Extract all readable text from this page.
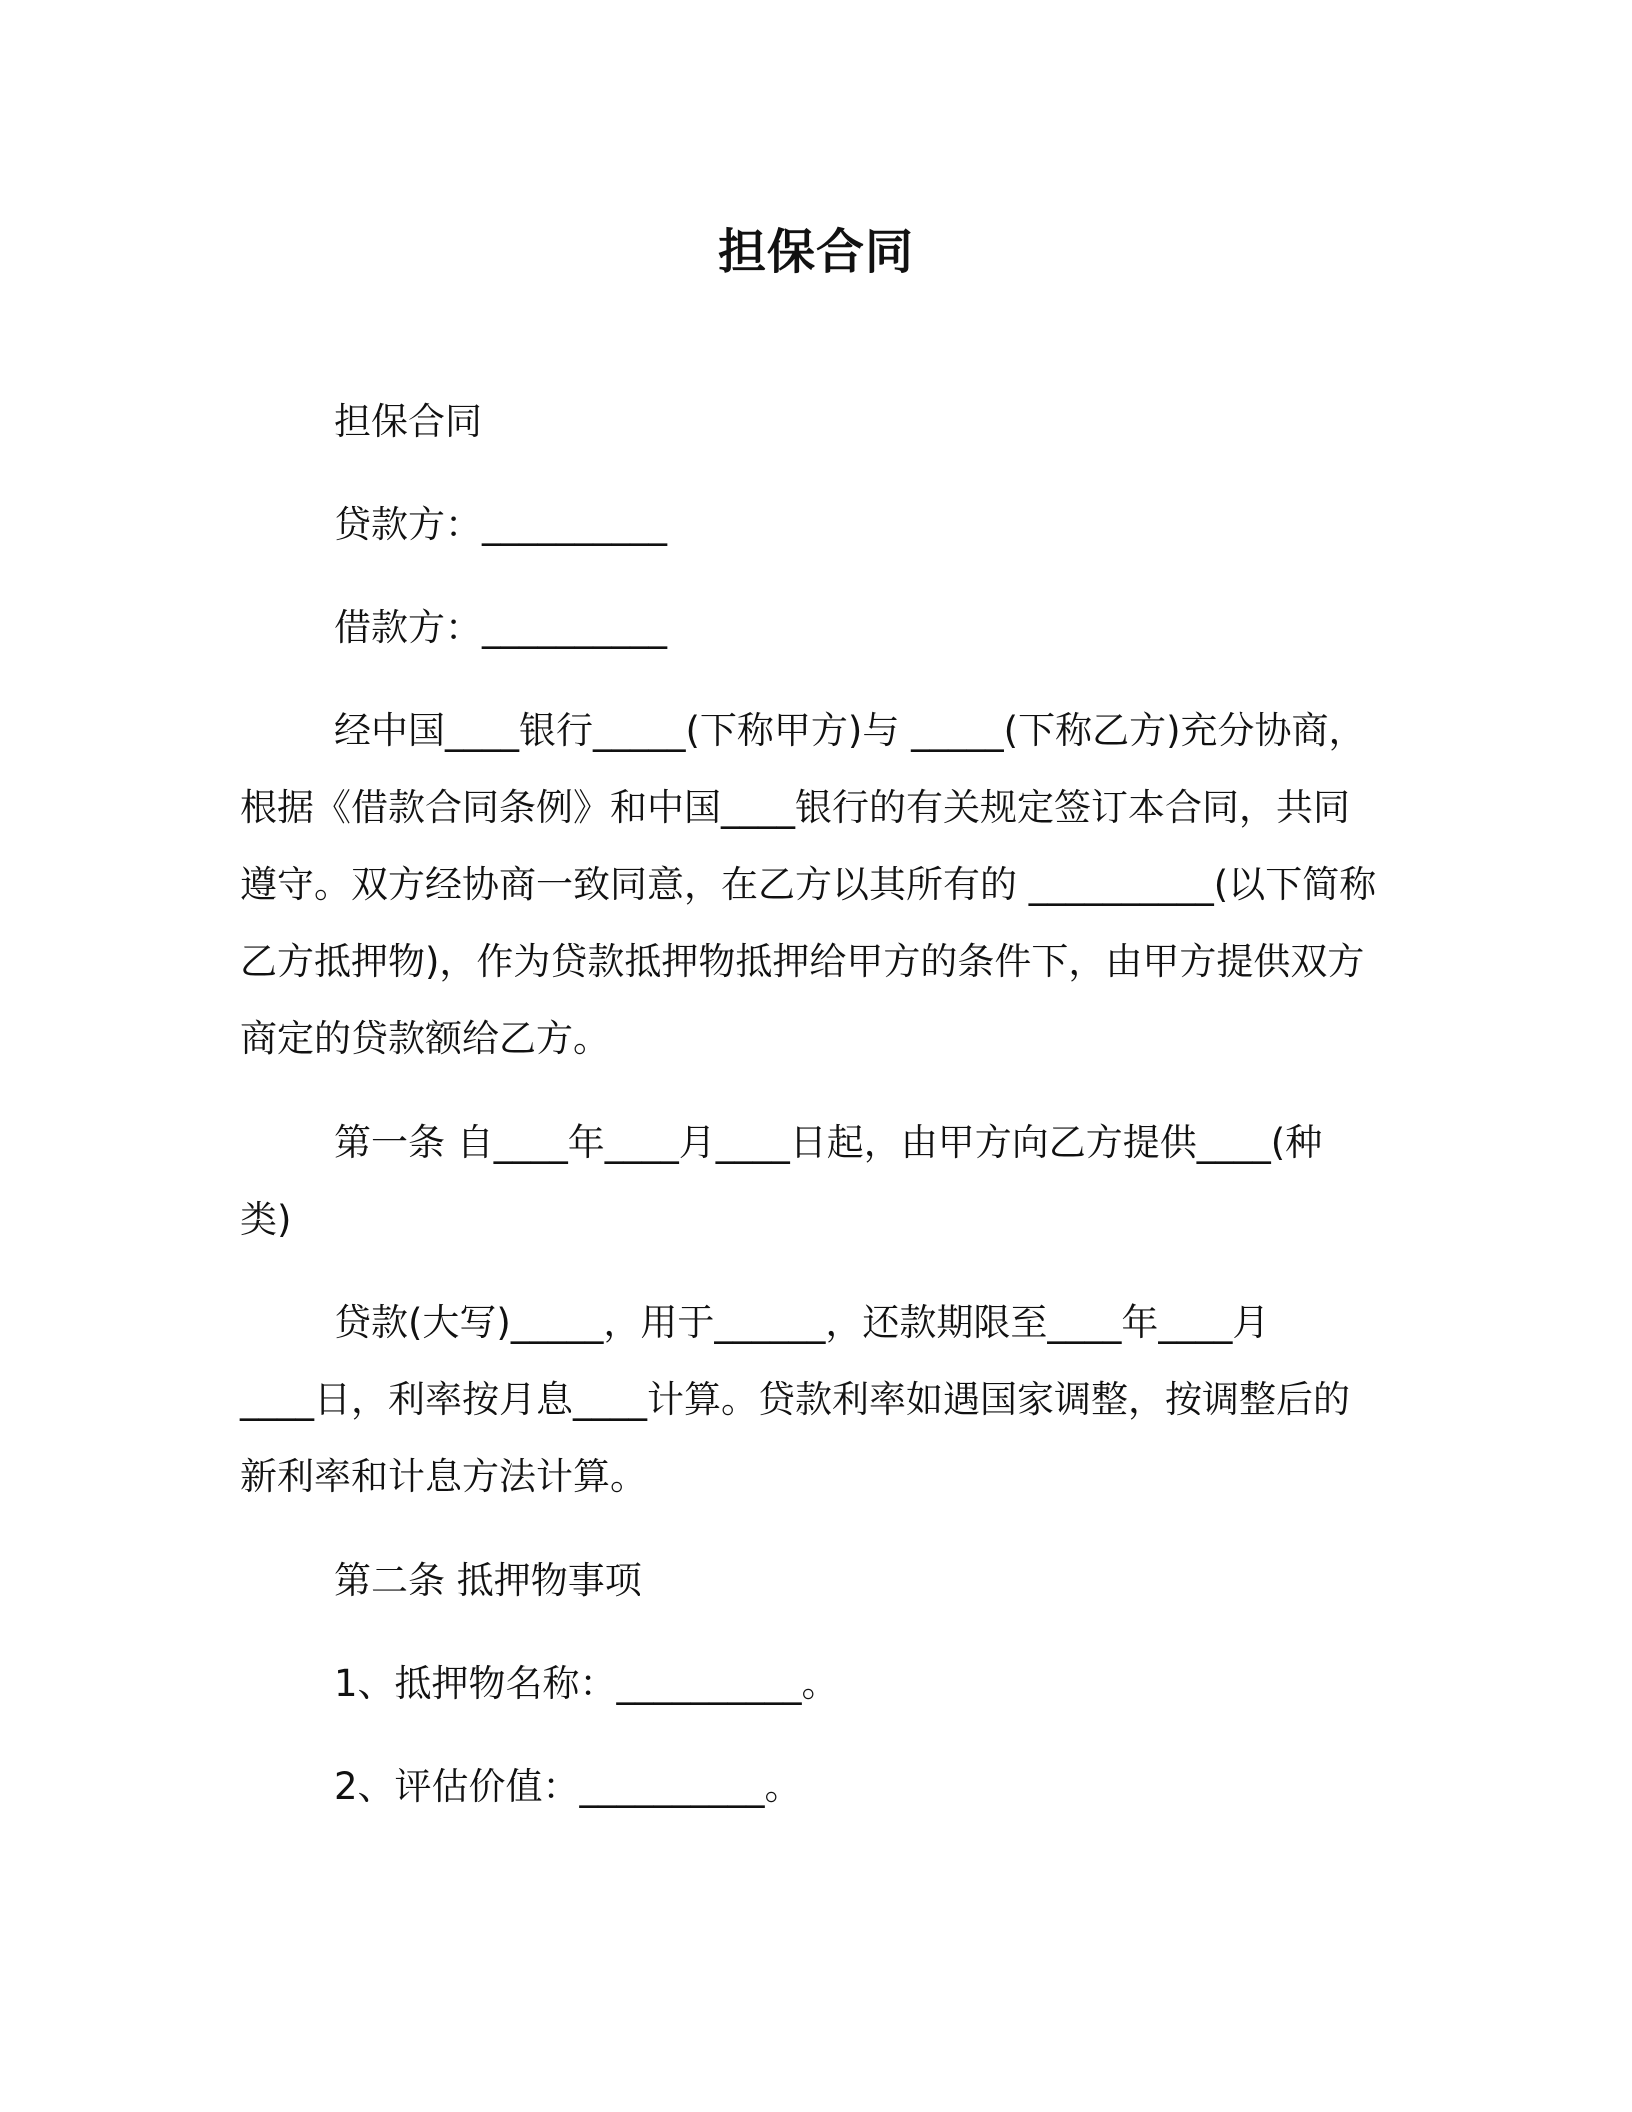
担保合同
担保合同
贷款方：__________
借款方：__________
经中国____银行_____(下称甲方)与 _____(下称乙方)充分协商，
根据《借款合同条例》和中国____银行的有关规定签订本合同，共同
遵守。双方经协商一致同意，在乙方以其所有的 __________(以下简称
乙方抵押物)，作为贷款抵押物抵押给甲方的条件下，由甲方提供双方
商定的贷款额给乙方。
第一条 自____年____月____日起，由甲方向乙方提供____(种
类)
贷款(大写)_____，用于______，还款期限至____年____月
____日，利率按月息____计算。贷款利率如遇国家调整，按调整后的
新利率和计息方法计算。
第二条 抵押物事项
1、抵押物名称：__________。
2、评估价值：__________。
